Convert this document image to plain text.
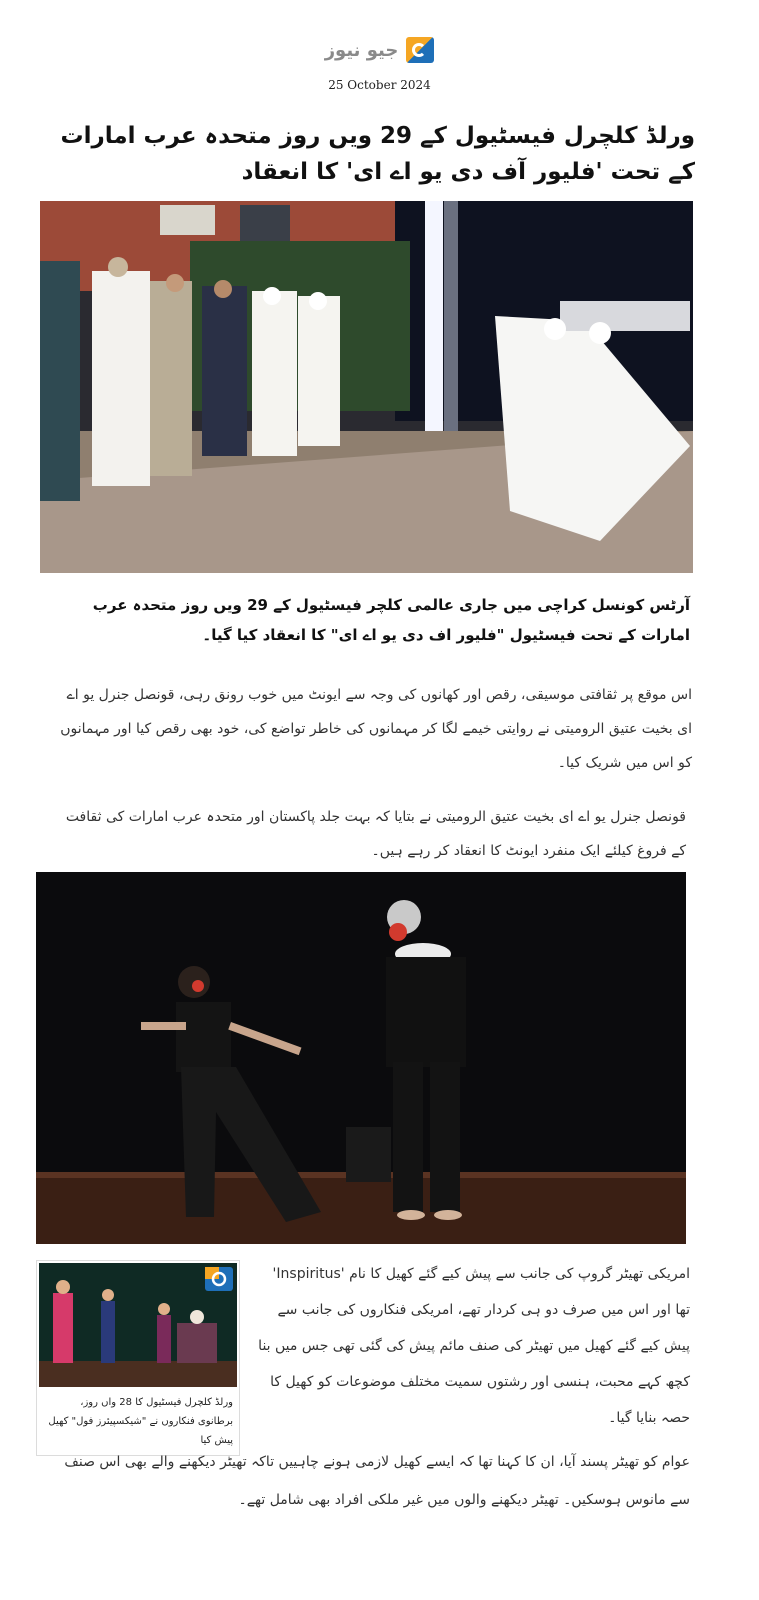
جیو نیوز
25 October 2024
ورلڈ کلچرل فیسٹیول کے 29 ویں روز متحدہ عرب امارات کے تحت 'فلیور آف دی یو اے ای' کا انعقاد

آرٹس کونسل کراچی میں جاری عالمی کلچر فیسٹیول کے 29 ویں روز متحدہ عرب امارات کے تحت فیسٹیول "فلیور اف دی یو اے ای" کا انعقاد کیا گیا۔

اس موقع پر ثقافتی موسیقی، رقص اور کھانوں کی وجہ سے ایونٹ میں خوب رونق رہی، قونصل جنرل یو اے ای بخیت عتیق الرومیتی نے روایتی خیمے لگا کر مہمانوں کی خاطر تواضع کی، خود بھی رقص کیا اور مہمانوں کو اس میں شریک کیا۔

قونصل جنرل یو اے ای بخیت عتیق الرومیتی نے بتایا کہ بہت جلد پاکستان اور متحدہ عرب امارات کی ثقافت کے فروغ کیلئے ایک منفرد ایونٹ کا انعقاد کر رہے ہیں۔

امریکی تھیٹر گروپ کی جانب سے پیش کیے گئے کھیل کا نام 'Inspiritus' تھا اور اس میں صرف دو ہی کردار تھے، امریکی فنکاروں کی جانب سے پیش کیے گئے کھیل میں تھیٹر کی صنف مائم پیش کی گئی تھی جس میں بنا کچھ کہے محبت، ہنسی اور رشتوں سمیت مختلف موضوعات کو کھیل کا حصہ بنایا گیا۔

ورلڈ کلچرل فیسٹیول کا 28 واں روز، برطانوی فنکاروں نے "شیکسپیئرز فول" کھیل پیش کیا

عوام کو تھیٹر پسند آیا، ان کا کہنا تھا کہ ایسے کھیل لازمی ہونے چاہییں تاکہ تھیٹر دیکھنے والے بھی اس صنف سے مانوس ہوسکیں۔ تھیٹر دیکھنے والوں میں غیر ملکی افراد بھی شامل تھے۔
